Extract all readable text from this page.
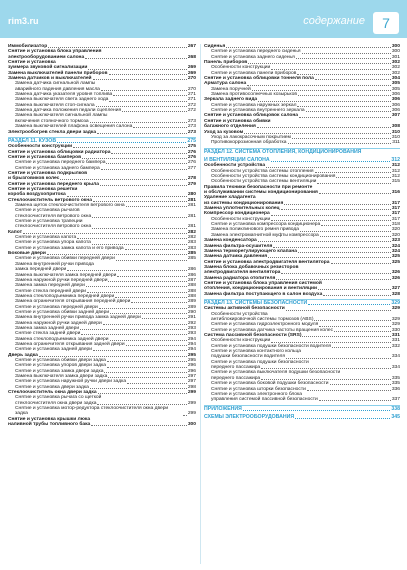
rim3.ru	содержание	7
Иммобилизатор	267
Снятие и установка блока управления
электрооборудованием салона	268
Снятие и установка
зуммера звуковой сигнализации	269
Замена выключателей панели приборов	269
Замена датчиков и выключателей	270
Замена датчика сигнальной лампы
аварийного падения давления масла	270
Замена датчика указателя уровня топлива	271
Замена выключателя света заднего хода	271
Замена выключателя стоп-сигнала	272
Замена датчика положения педали сцепления	272
Замена выключателя сигнальной лампы
включения стояночного тормоза	273
Замена выключателей плафона освещения салона	273
Электрообогрев стекла двери задка	273
РАЗДЕЛ 11. КУЗОВ	275
Особенности конструкции	275
Снятие и установка облицовки радиатора	276
Снятие и установка бамперов	276
Снятие и установка переднего бампера	276
Снятие и установка заднего бампера	277
Снятие и установка подкрылков
и брызговиков колес	278
Снятие и установка переднего крыла	279
Снятие и установка решетки
короба воздухопритока	280
Стеклоочиститель ветрового окна	281
Замена щеток стеклоочистителя ветрового окна	281
Снятие и установка рычагов
стеклоочистителя ветрового окна	281
Снятие и установка трапеции
стеклоочистителя ветрового окна	281
Капот	282
Снятие и установка капота	282
Снятие и установка упора капота	283
Снятие и установка замка капота и его привода	283
Боковые двери	285
Снятие и установка обивки передней двери	285
Замена внутренней ручки привода
замка передней двери	286
Замена выключателя замка передней двери	286
Замена наружной ручки передней двери	287
Замена замка передней двери	288
Снятие стекла передней двери	288
Замена стеклоподъемника передней двери	288
Замена ограничителя открывания передней двери	289
Снятие и установка передней двери	289
Снятие и установка обивки задней двери	290
Замена внутренней ручки привода замка задней двери	291
Замена наружной ручки задней двери	292
Замена замка задней двери	293
Снятие стекла задней двери	293
Замена стеклоподъемника задней двери	294
Замена ограничителя открывания задней двери	294
Снятие и установка задней двери	294
Дверь задка	295
Снятие и установка обивки двери задка	295
Снятие и установка упоров двери задка	296
Снятие и установка замка двери задка	296
Замена выключателя замка двери задка	297
Снятие и установка наружной ручки двери задка	297
Снятие и установка двери задка	298
Стеклоочиститель окна двери задка	299
Снятие и установка рычага со щеткой
стеклоочистителя окна двери задка	299
Снятие и установка мотор-редуктора стеклоочистителя окна двери задка	299
Снятие и установка крышки люка
наливной трубы топливного бака	300
Сиденья	300
Снятие и установка переднего сиденья	300
Снятие и установка заднего сиденья	301
Панель приборов	302
Особенности конструкции	302
Снятие и установка панели приборов	302
Снятие и установка облицовки тоннеля пола	304
Арматура салона	305
Замена поручней	305
Замена противосолнечных козырьков	306
Зеркала заднего вида	306
Снятие и установка наружных зеркал	306
Снятие и установка внутреннего зеркала	306
Снятие и установка облицовок салона	307
Снятие и установка обивки
багажного отделения	308
Уход за кузовом	310
Уход за лакокрасочным покрытием	310
Противокоррозионная обработка	311
РАЗДЕЛ 12. СИСТЕМА ОТОПЛЕНИЯ, КОНДИЦИОНИРОВАНИЯ
И ВЕНТИЛЯЦИИ САЛОНА	312
Особенности устройства	312
Особенности устройства системы отопления	312
Особенности устройства системы кондиционирования	312
Особенности устройства системы вентиляции	315
Правила техники безопасности при ремонте
и обслуживании системы кондиционирования	316
Удаление хладагента
из системы кондиционирования	317
Замена уплотнительных колец	317
Компрессор кондиционера	317
Особенности конструкции	317
Снятие и установка компрессора кондиционера	318
Замена поликлинового ремня привода	320
Замена электромагнитной муфты компрессора	320
Замена конденсатора	323
Замена фильтра-осушителя	324
Замена терморегулирующего клапана	324
Замена датчика давления	325
Снятие и установка электродвигателя вентилятора	325
Замена блока добавочных резисторов
электродвигателя вентилятора	326
Замена радиатора отопителя	326
Снятие и установка блока управления системой
отопления, кондиционирования и вентиляции	327
Замена фильтра поступающего в салон воздуха	328
РАЗДЕЛ 13. СИСТЕМЫ БЕЗОПАСНОСТИ	329
Системы активной безопасности	329
Особенности устройства
антиблокировочной системы тормозов (ABS)	329
Снятие и установка гидроэлектронного модуля	329
Снятие и установка датчика частоты вращения колес	330
Система пассивной безопасности (SRS)	331
Особенности конструкции	331
Снятие и установка подушки безопасности водителя	332
Снятие и установка контактного кольца
подушки безопасности водителя	334
Снятие и установка подушки безопасности
переднего пассажира	334
Снятие и установка выключателя подушки безопасности
переднего пассажира	335
Снятие и установка боковой подушки безопасности	335
Снятие и установка шторки безопасности	336
Снятие и установка электронного блока
управления системой пассивной безопасности	337
ПРИЛОЖЕНИЯ	338
СХЕМЫ ЭЛЕКТРООБОРУДОВАНИЯ	345
